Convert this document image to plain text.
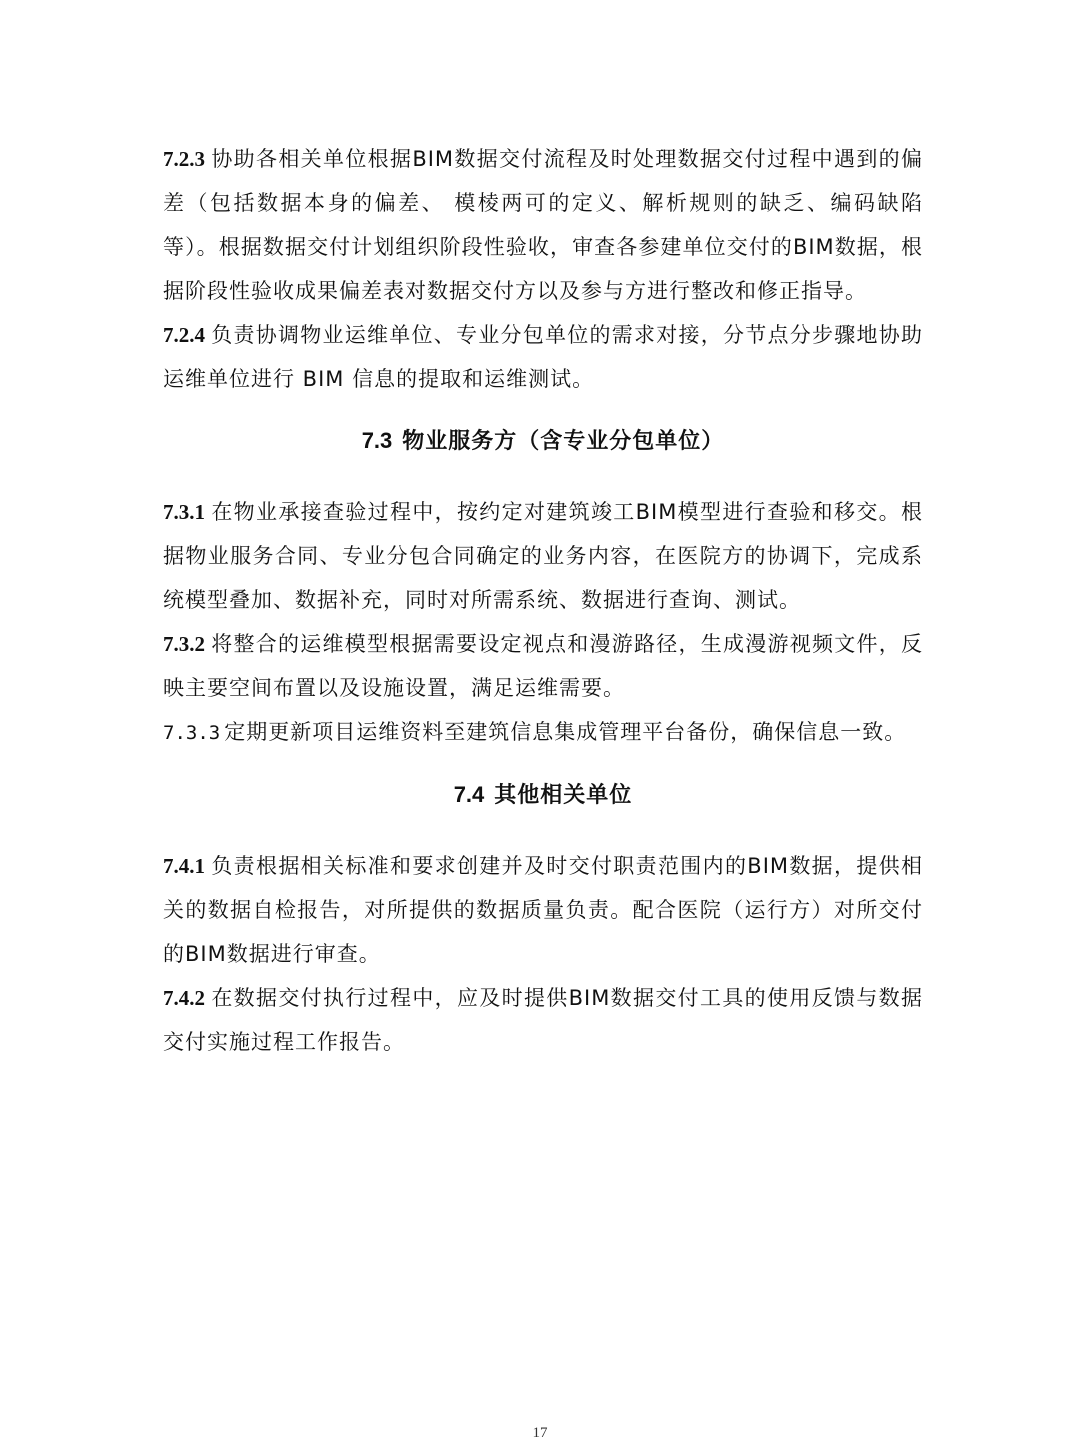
7.2.3 协助各相关单位根据BIM数据交付流程及时处理数据交付过程中遇到的偏差（包括数据本身的偏差、 模棱两可的定义、解析规则的缺乏、编码缺陷等）。根据数据交付计划组织阶段性验收，审查各参建单位交付的BIM数据，根据阶段性验收成果偏差表对数据交付方以及参与方进行整改和修正指导。

7.2.4 负责协调物业运维单位、专业分包单位的需求对接，分节点分步骤地协助运维单位进行 BIM 信息的提取和运维测试。

7.3 物业服务方（含专业分包单位）

7.3.1 在物业承接查验过程中，按约定对建筑竣工BIM模型进行查验和移交。根据物业服务合同、专业分包合同确定的业务内容，在医院方的协调下，完成系统模型叠加、数据补充，同时对所需系统、数据进行查询、测试。

7.3.2 将整合的运维模型根据需要设定视点和漫游路径，生成漫游视频文件，反映主要空间布置以及设施设置，满足运维需要。

7.3.3 定期更新项目运维资料至建筑信息集成管理平台备份，确保信息一致。

7.4 其他相关单位

7.4.1 负责根据相关标准和要求创建并及时交付职责范围内的BIM数据，提供相关的数据自检报告，对所提供的数据质量负责。配合医院（运行方）对所交付的BIM数据进行审查。

7.4.2 在数据交付执行过程中，应及时提供BIM数据交付工具的使用反馈与数据交付实施过程工作报告。

17
